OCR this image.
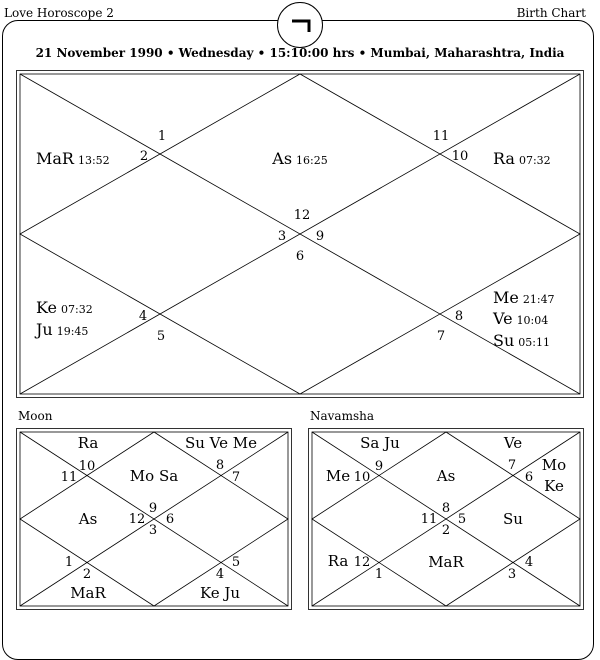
Love Horoscope 2	Birth Chart
21 November 1990 • Wednesday • 15:10:00 hrs • Mumbai, Maharashtra, India
12
As 16:25
1
2
MaR 13:52
3
4
Ke 07:32
Ju 19:45	5
6
7
8
Me 21:47
Ve 10:04
Su 05:11
9
10
11
Ra 07:32
Moon
9
10
11
12
1
2
3
4
5
6
7
8
Mo Sa
Ra
As
MaR	Ke Ju
Su Ve Me
Navamsha
8
9
10
11
12
1
2
3
4
5
6
7
As
Sa Ju
Me
Ra	MaR
Su
Ve
Mo
Ke
